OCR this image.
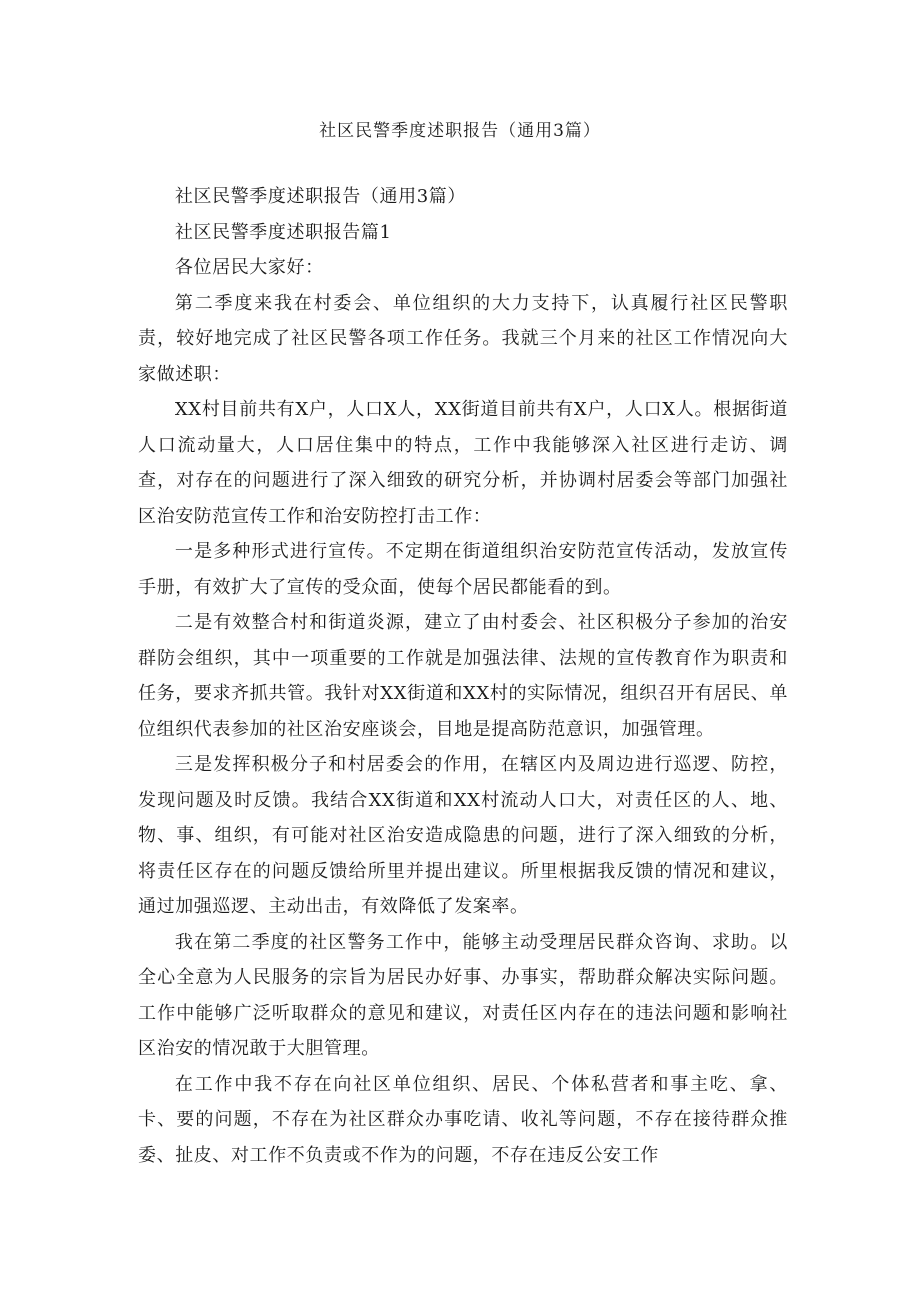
社区民警季度述职报告（通用3篇）

社区民警季度述职报告（通用3篇）

社区民警季度述职报告篇1

各位居民大家好：

第二季度来我在村委会、单位组织的大力支持下，认真履行社区民警职责，较好地完成了社区民警各项工作任务。我就三个月来的社区工作情况向大家做述职：

XX村目前共有X户，人口X人，XX街道目前共有X户，人口X人。根据街道人口流动量大，人口居住集中的特点，工作中我能够深入社区进行走访、调查，对存在的问题进行了深入细致的研究分析，并协调村居委会等部门加强社区治安防范宣传工作和治安防控打击工作：

一是多种形式进行宣传。不定期在街道组织治安防范宣传活动，发放宣传手册，有效扩大了宣传的受众面，使每个居民都能看的到。

二是有效整合村和街道炎源，建立了由村委会、社区积极分子参加的治安群防会组织，其中一项重要的工作就是加强法律、法规的宣传教育作为职责和任务，要求齐抓共管。我针对XX街道和XX村的实际情况，组织召开有居民、单位组织代表参加的社区治安座谈会，目地是提高防范意识，加强管理。

三是发挥积极分子和村居委会的作用，在辖区内及周边进行巡逻、防控，发现问题及时反馈。我结合XX街道和XX村流动人口大，对责任区的人、地、物、事、组织，有可能对社区治安造成隐患的问题，进行了深入细致的分析，将责任区存在的问题反馈给所里并提出建议。所里根据我反馈的情况和建议，通过加强巡逻、主动出击，有效降低了发案率。

我在第二季度的社区警务工作中，能够主动受理居民群众咨询、求助。以全心全意为人民服务的宗旨为居民办好事、办事实，帮助群众解决实际问题。工作中能够广泛听取群众的意见和建议，对责任区内存在的违法问题和影响社区治安的情况敢于大胆管理。

在工作中我不存在向社区单位组织、居民、个体私营者和事主吃、拿、卡、要的问题，不存在为社区群众办事吃请、收礼等问题，不存在接待群众推委、扯皮、对工作不负责或不作为的问题，不存在违反公安工作
